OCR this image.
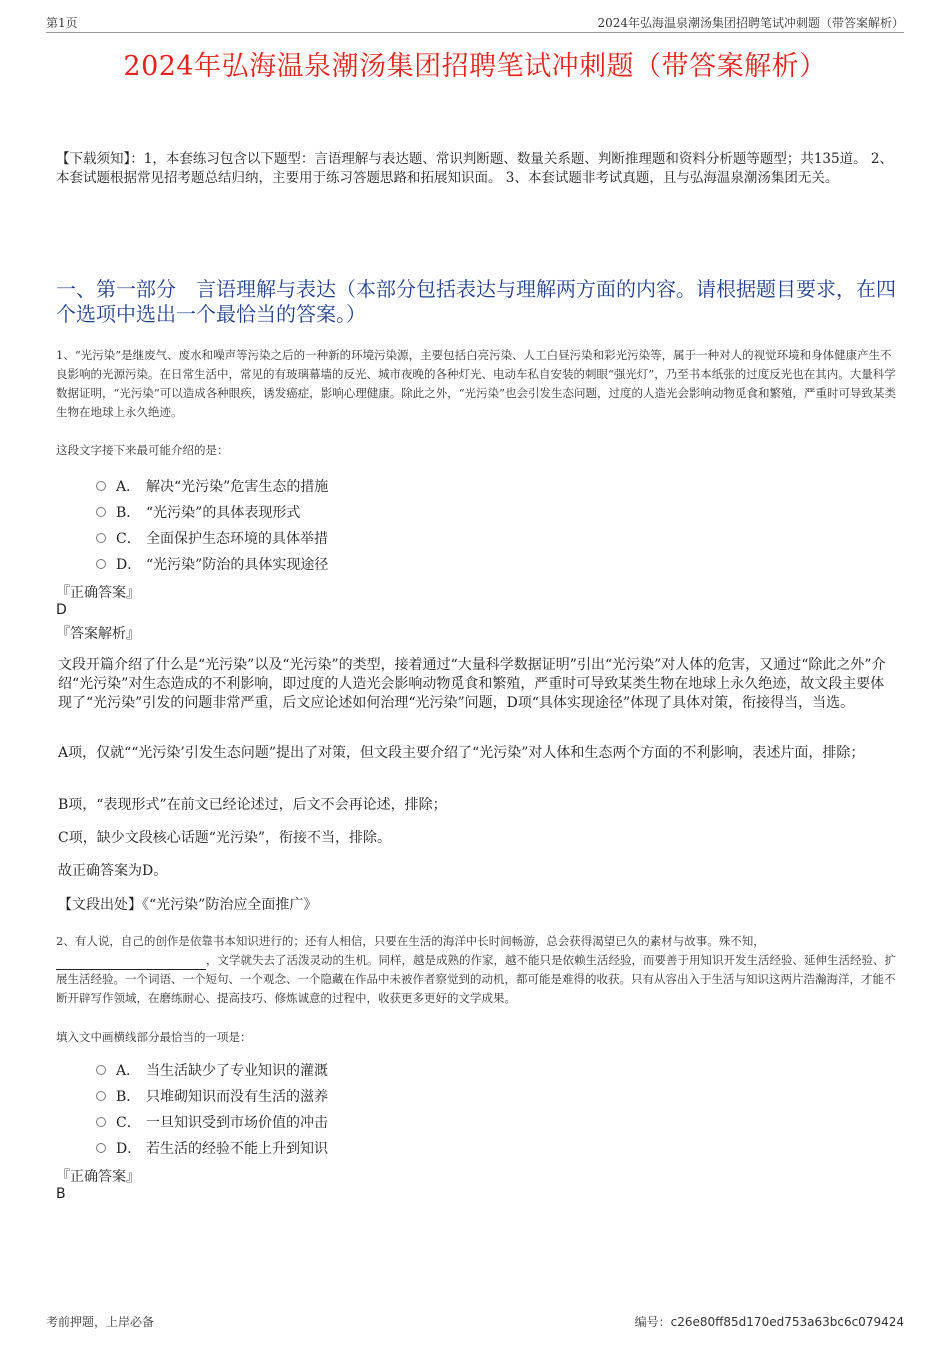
第1页	2024年弘海温泉潮汤集团招聘笔试冲刺题（带答案解析）
2024年弘海温泉潮汤集团招聘笔试冲刺题（带答案解析）
【下载须知】：1，本套练习包含以下题型：言语理解与表达题、常识判断题、数量关系题、判断推理题和资料分析题等题型；共135道。 2、本套试题根据常见招考题总结归纳，主要用于练习答题思路和拓展知识面。 3、本套试题非考试真题，且与弘海温泉潮汤集团无关。
一、第一部分　言语理解与表达（本部分包括表达与理解两方面的内容。请根据题目要求，在四个选项中选出一个最恰当的答案。）
1、“光污染”是继废气、废水和噪声等污染之后的一种新的环境污染源，主要包括白亮污染、人工白昼污染和彩光污染等，属于一种对人的视觉环境和身体健康产生不良影响的光源污染。在日常生活中，常见的有玻璃幕墙的反光、城市夜晚的各种灯光、电动车私自安装的刺眼“强光灯”，乃至书本纸张的过度反光也在其内。大量科学数据证明，“光污染”可以造成各种眼疾，诱发癌症，影响心理健康。除此之外，“光污染”也会引发生态问题，过度的人造光会影响动物觅食和繁殖，严重时可导致某类生物在地球上永久绝迹。
这段文字接下来最可能介绍的是：
A． 解决“光污染”危害生态的措施
B． “光污染”的具体表现形式
C． 全面保护生态环境的具体举措
D． “光污染”防治的具体实现途径
『正确答案』
D
『答案解析』
文段开篇介绍了什么是“光污染”以及“光污染”的类型，接着通过“大量科学数据证明”引出“光污染”对人体的危害，又通过“除此之外”介绍“光污染”对生态造成的不利影响，即过度的人造光会影响动物觅食和繁殖，严重时可导致某类生物在地球上永久绝迹，故文段主要体现了“光污染”引发的问题非常严重，后文应论述如何治理“光污染”问题，D项“具体实现途径”体现了具体对策，衔接得当，当选。
A项，仅就““光污染’引发生态问题”提出了对策，但文段主要介绍了“光污染”对人体和生态两个方面的不利影响，表述片面，排除；
B项，“表现形式”在前文已经论述过，后文不会再论述，排除；
C项，缺少文段核心话题“光污染”，衔接不当，排除。
故正确答案为D。
【文段出处】《“光污染”防治应全面推广》
2、有人说，自己的创作是依靠书本知识进行的；还有人相信，只要在生活的海洋中长时间畅游，总会获得渴望已久的素材与故事。殊不知，，文学就失去了活泼灵动的生机。同样，越是成熟的作家，越不能只是依赖生活经验，而要善于用知识开发生活经验、延伸生活经验、扩展生活经验。一个词语、一个短句、一个观念、一个隐藏在作品中未被作者察觉到的动机，都可能是难得的收获。只有从容出入于生活与知识这两片浩瀚海洋，才能不断开辟写作领域，在磨练耐心、提高技巧、修炼诚意的过程中，收获更多更好的文学成果。
填入文中画横线部分最恰当的一项是：
A． 当生活缺少了专业知识的灌溉
B． 只堆砌知识而没有生活的滋养
C． 一旦知识受到市场价值的冲击
D． 若生活的经验不能上升到知识
『正确答案』
B
考前押题，上岸必备	编号：c26e80ff85d170ed753a63bc6c079424
